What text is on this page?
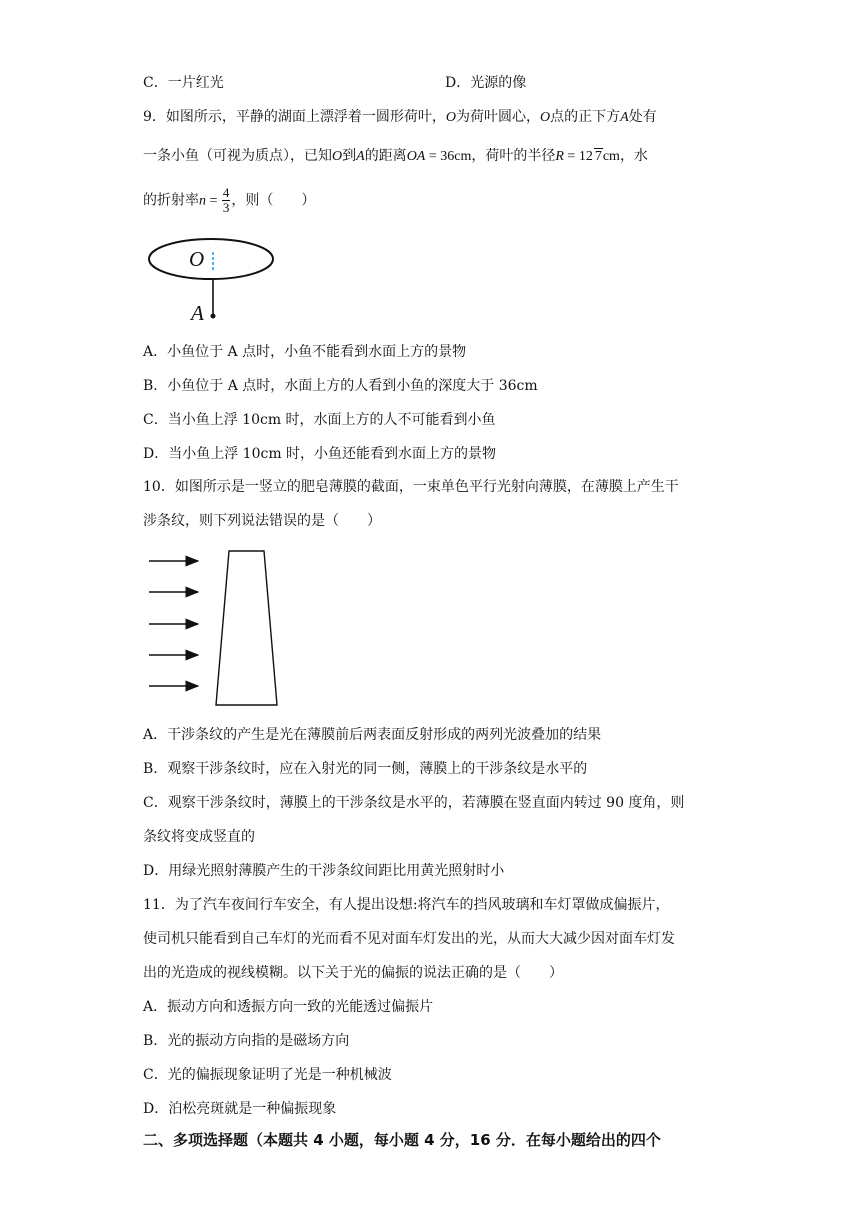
C．一片红光	D．光源的像
9．如图所示，平静的湖面上漂浮着一圆形荷叶，O为荷叶圆心，O点的正下方A处有
一条小鱼（可视为质点），已知O到A的距离OA = 36cm，荷叶的半径R = 12 7cm，水
的折射率$n = \frac{4}{3}$ ，则（　　）
O
A
A．小鱼位于 A 点时，小鱼不能看到水面上方的景物
B．小鱼位于 A 点时，水面上方的人看到小鱼的深度大于 36cm
C．当小鱼上浮 10cm 时，水面上方的人不可能看到小鱼
D．当小鱼上浮 10cm 时，小鱼还能看到水面上方的景物
10．如图所示是一竖立的肥皂薄膜的截面，一束单色平行光射向薄膜，在薄膜上产生干
涉条纹，则下列说法错误的是（　　）
A．干涉条纹的产生是光在薄膜前后两表面反射形成的两列光波叠加的结果
B．观察干涉条纹时，应在入射光的同一侧，薄膜上的干涉条纹是水平的
C．观察干涉条纹时，薄膜上的干涉条纹是水平的，若薄膜在竖直面内转过 90 度角，则
条纹将变成竖直的
D．用绿光照射薄膜产生的干涉条纹间距比用黄光照射时小
11．为了汽车夜间行车安全，有人提出设想:将汽车的挡风玻璃和车灯罩做成偏振片，
使司机只能看到自己车灯的光而看不见对面车灯发出的光，从而大大减少因对面车灯发
出的光造成的视线模糊。以下关于光的偏振的说法正确的是（　　）
A．振动方向和透振方向一致的光能透过偏振片
B．光的振动方向指的是磁场方向
C．光的偏振现象证明了光是一种机械波
D．泊松亮斑就是一种偏振现象
二、多项选择题（本题共 4 小题，每小题 4 分，16 分．在每小题给出的四个
